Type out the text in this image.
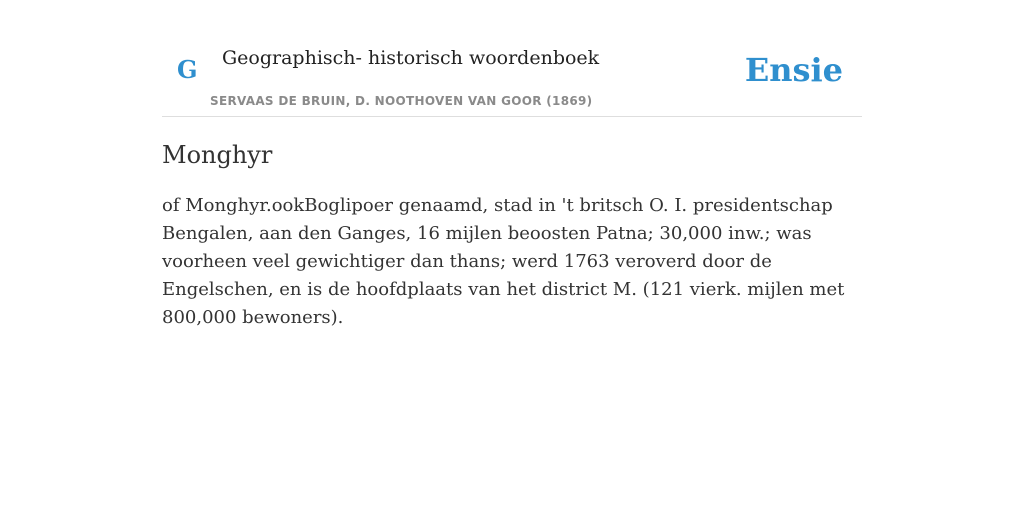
G Geographisch- historisch woordenboek
SERVAAS DE BRUIN, D. NOOTHOVEN VAN GOOR (1869)
Ensie
Monghyr

of Monghyr.ookBoglipoer genaamd, stad in 't britsch O. I. presidentschap Bengalen, aan den Ganges, 16 mijlen beoosten Patna; 30,000 inw.; was voorheen veel gewichtiger dan thans; werd 1763 veroverd door de Engelschen, en is de hoofdplaats van het district M. (121 vierk. mijlen met 800,000 bewoners).
